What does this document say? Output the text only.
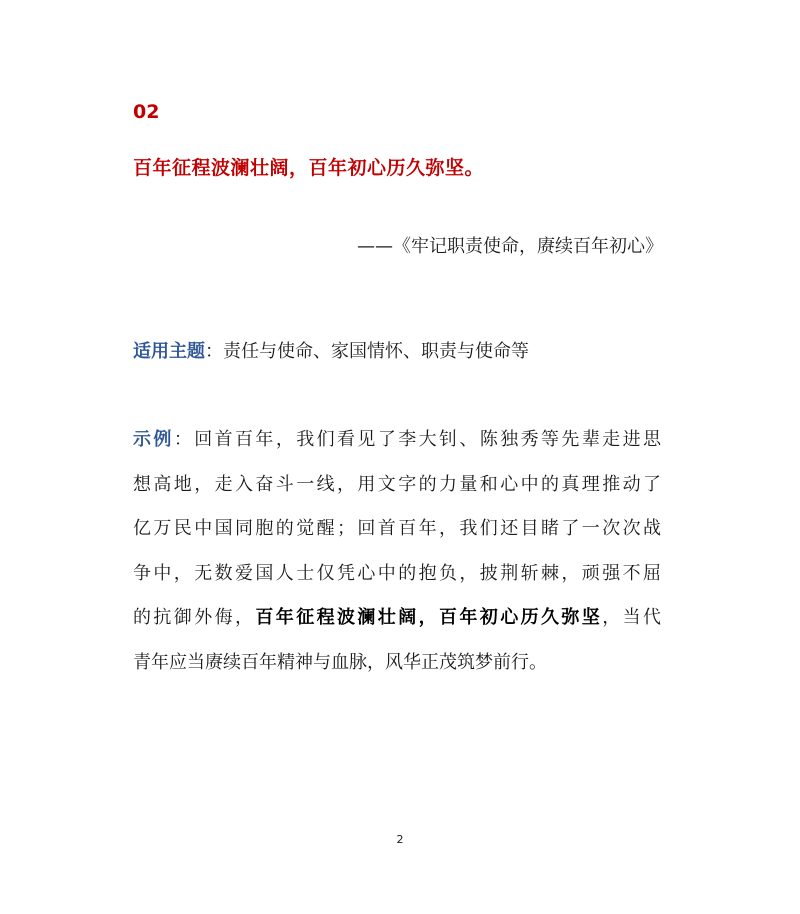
02

百年征程波澜壮阔，百年初心历久弥坚。

——《牢记职责使命，赓续百年初心》

适用主题：责任与使命、家国情怀、职责与使命等

示例：回首百年，我们看见了李大钊、陈独秀等先辈走进思
想高地，走入奋斗一线，用文字的力量和心中的真理推动了
亿万民中国同胞的觉醒；回首百年，我们还目睹了一次次战
争中，无数爱国人士仅凭心中的抱负，披荆斩棘，顽强不屈
的抗御外侮，百年征程波澜壮阔，百年初心历久弥坚，当代
青年应当赓续百年精神与血脉，风华正茂筑梦前行。
2
